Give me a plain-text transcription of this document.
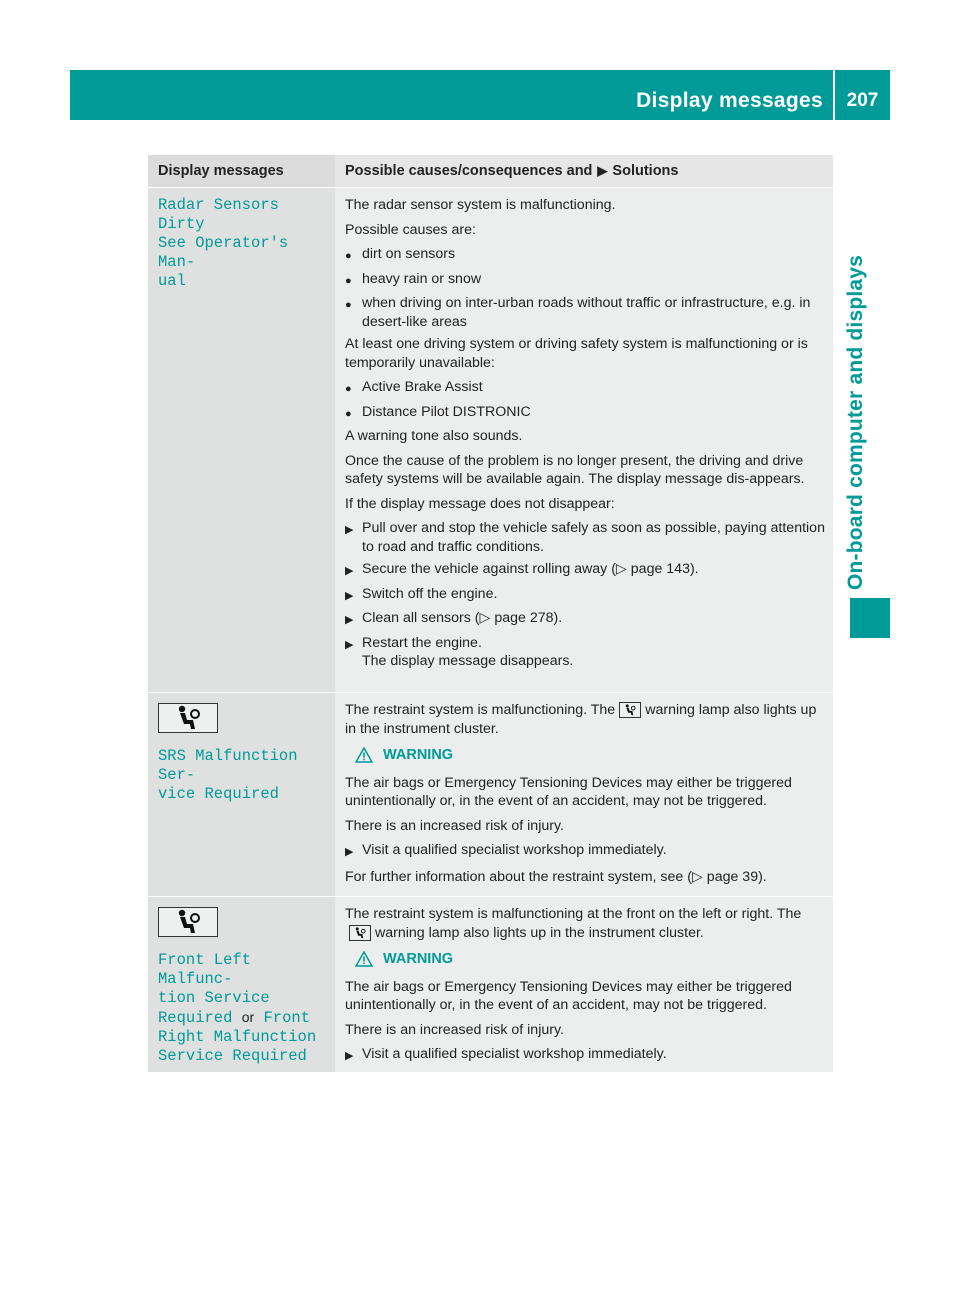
Display messages	207
On-board computer and displays
Display messages	Possible causes/consequences and ▶ Solutions
Radar Sensors Dirty
See Operator's Man‑
ual

The radar sensor system is malfunctioning.

Possible causes are:

● dirt on sensors
● heavy rain or snow
● when driving on inter-urban roads without traffic or infrastructure, e.g. in desert-like areas

At least one driving system or driving safety system is malfunctioning or is temporarily unavailable:

● Active Brake Assist
● Distance Pilot DISTRONIC

A warning tone also sounds.

Once the cause of the problem is no longer present, the driving and drive safety systems will be available again. The display message dis-appears.

If the display message does not disappear:

▶ Pull over and stop the vehicle safely as soon as possible, paying attention to road and traffic conditions.
▶ Secure the vehicle against rolling away (▷ page 143).
▶ Switch off the engine.
▶ Clean all sensors (▷ page 278).
▶ Restart the engine.
The display message disappears.
SRS Malfunction Ser‑
vice Required

The restraint system is malfunctioning. The warning lamp also lights up in the instrument cluster.

WARNING

The air bags or Emergency Tensioning Devices may either be triggered unintentionally or, in the event of an accident, may not be triggered.

There is an increased risk of injury.

▶ Visit a qualified specialist workshop immediately.

For further information about the restraint system, see (▷ page 39).

Front Left Malfunc‑
tion Service
Required or Front
Right Malfunction
Service Required

The restraint system is malfunctioning at the front on the left or right. The
warning lamp also lights up in the instrument cluster.

WARNING

The air bags or Emergency Tensioning Devices may either be triggered unintentionally or, in the event of an accident, may not be triggered.

There is an increased risk of injury.

▶ Visit a qualified specialist workshop immediately.
